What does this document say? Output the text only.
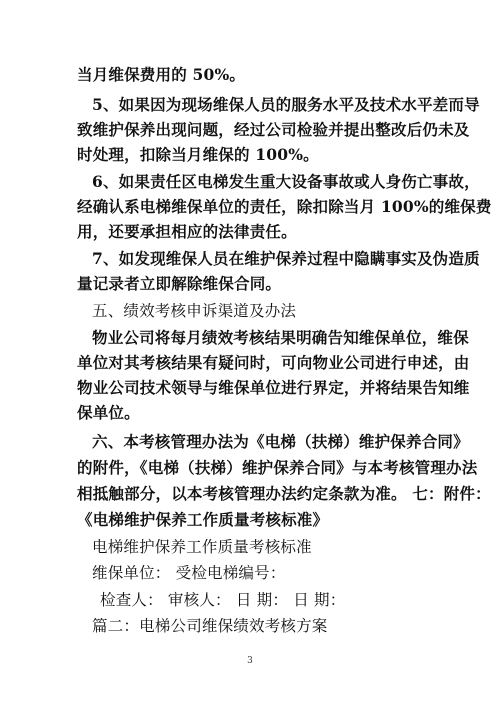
当月维保费用的 50%。
5、如果因为现场维保人员的服务水平及技术水平差而导
致维护保养出现问题，经过公司检验并提出整改后仍未及
时处理，扣除当月维保的 100%。
6、如果责任区电梯发生重大设备事故或人身伤亡事故，
经确认系电梯维保单位的责任，除扣除当月 100%的维保费
用，还要承担相应的法律责任。
7、如发现维保人员在维护保养过程中隐瞒事实及伪造质
量记录者立即解除维保合同。
五、绩效考核申诉渠道及办法
物业公司将每月绩效考核结果明确告知维保单位，维保
单位对其考核结果有疑问时，可向物业公司进行申述，由
物业公司技术领导与维保单位进行界定，并将结果告知维
保单位。
六、本考核管理办法为《电梯（扶梯）维护保养合同》
的附件，《电梯（扶梯）维护保养合同》与本考核管理办法
相抵触部分，以本考核管理办法约定条款为准。 七：附件：
《电梯维护保养工作质量考核标准》
电梯维护保养工作质量考核标准
维保单位： 受检电梯编号：
检查人： 审核人： 日 期： 日 期：
篇二：电梯公司维保绩效考核方案
3
